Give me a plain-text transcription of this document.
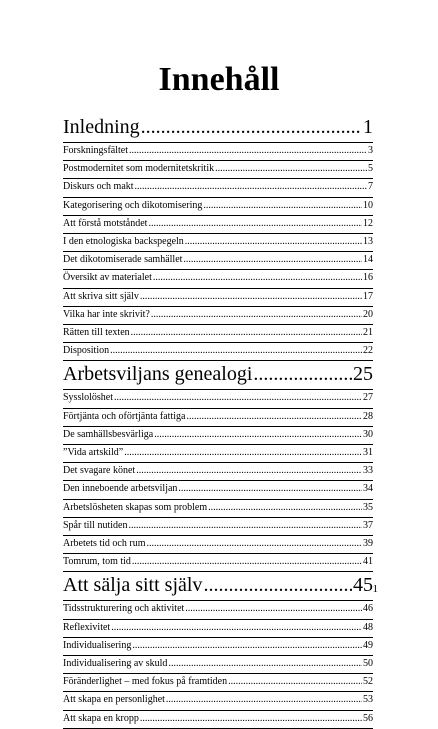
Innehåll
Inledning .....	1
Forskningsfältet .....	3
Postmodernitet som modernitetskritik .....	5
Diskurs och makt .....	7
Kategorisering och dikotomisering .....	10
Att förstå motståndet .....	12
I den etnologiska backspegeln .....	13
Det dikotomiserade samhället .....	14
Översikt av materialet .....	16
Att skriva sitt själv .....	17
Vilka har inte skrivit? .....	20
Rätten till texten .....	21
Disposition .....	22
Arbetsviljans genealogi .....	25
Sysslolöshet .....	27
Förtjänta och oförtjänta fattiga .....	28
De samhällsbesvärliga .....	30
”Vida artskild” .....	31
Det svagare könet .....	33
Den inneboende arbetsviljan .....	34
Arbetslösheten skapas som problem .....	35
Spår till nutiden .....	37
Arbetets tid och rum .....	39
Tomrum, tom tid .....	41
Att sälja sitt själv .....	45
Tidsstrukturering och aktivitet .....	46
Reflexivitet .....	48
Individualisering .....	49
Individualisering av skuld .....	50
Föränderlighet – med fokus på framtiden .....	52
Att skapa en personlighet .....	53
Att skapa en kropp .....	56
1
